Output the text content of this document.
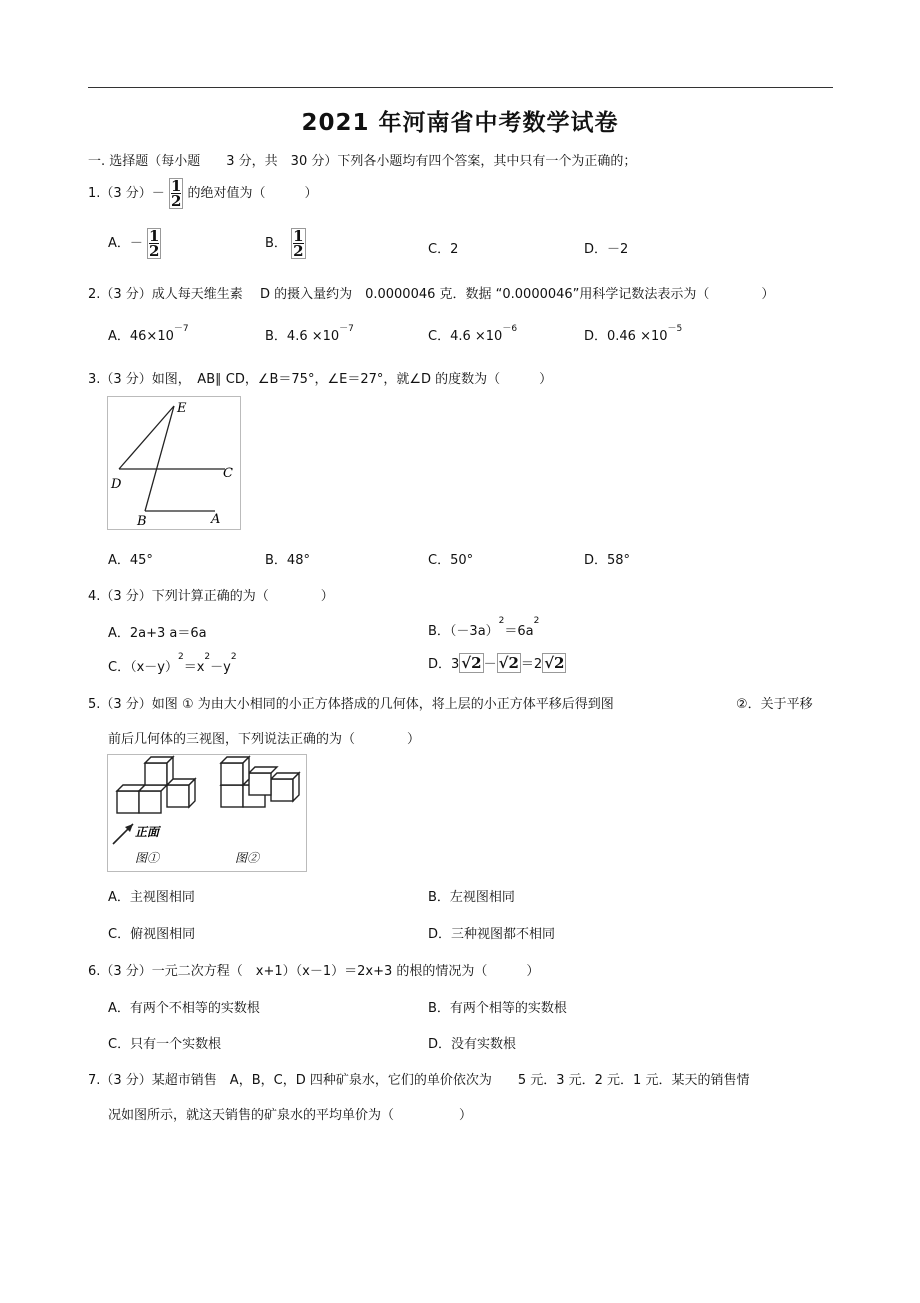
2021 年河南省中考数学试卷
一. 选择题（每小题　　3 分，共　30 分）下列各小题均有四个答案，其中只有一个为正确的；
1.（3 分）－ $\frac{1}{2}$ 的绝对值为（　　　）
A．－ $\frac{1}{2}$	B． $\frac{1}{2}$	C．2	D．－2
2.（3 分）成人每天维生素　 D 的摄入量约为　0.0000046 克．数据 “0.0000046”用科学记数法表示为（　　　　）
A．$46\times 10^{-7}$	B．$4.6 \times 10^{-7}$	C．$4.6 \times 10^{-6}$	D．$0.46 \times 10^{-5}$
3.（3 分）如图，　AB∥ CD，∠B＝75°，∠E＝27°，就∠D 的度数为（　　　）
E
C
D
B	A
A．45°	B．48°	C．50°	D．58°
4.（3 分）下列计算正确的为（　　　　）
A．2a+3 a＝6a	B．$(-3a)^2=6a^2$
C．$(x-y)^2=x^2-y^2$	D．3 √2 － √2 ＝2 √2
5.（3 分）如图 ① 为由大小相同的小正方体搭成的几何体，将上层的小正方体平移后得到图	②．关于平移
前后几何体的三视图，下列说法正确的为（　　　　）
正面
图①	图②
A．主视图相同	B．左视图相同
C．俯视图相同	D．三种视图都不相同
6.（3 分）一元二次方程（　x+1）（x－1）＝2x+3 的根的情况为（　　　）
A．有两个不相等的实数根	B．有两个相等的实数根
C．只有一个实数根	D．没有实数根
7.（3 分）某超市销售　A，B，C，D 四种矿泉水，它们的单价依次为　　5 元．3 元．2 元．1 元．某天的销售情
况如图所示，就这天销售的矿泉水的平均单价为（　　　　　）
